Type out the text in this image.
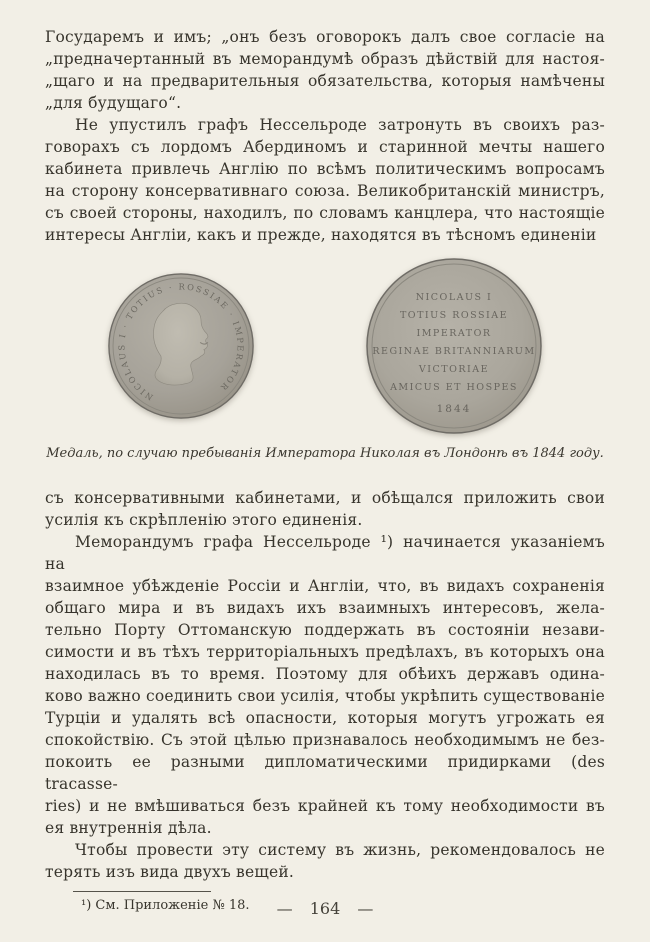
Государемъ и имъ; „онъ безъ оговорокъ далъ свое согласіе на
„предначертанный въ меморандумѣ образъ дѣйствій для настоя-
„щаго и на предварительныя обязательства, которыя намѣчены
„для будущаго“.
Не упустилъ графъ Нессельроде затронуть въ своихъ раз-
говорахъ съ лордомъ Абердиномъ и старинной мечты нашего
кабинета привлечь Англію по всѣмъ политическимъ вопросамъ
на сторону консервативнаго союза. Великобританскій министръ,
съ своей стороны, находилъ, по словамъ канцлера, что настоящіе
интересы Англіи, какъ и прежде, находятся въ тѣсномъ единеніи
NICOLAUS I · TOTIUS · ROSSIAE · IMPERATOR
NICOLAUS I
TOTIUS ROSSIAE
IMPERATOR
REGINAE BRITANNIARUM
VICTORIAE
AMICUS ET HOSPES
1844
Медаль, по случаю пребыванія Императора Николая въ Лондонѣ въ 1844 году.
съ консервативными кабинетами, и обѣщался приложить свои
усилія къ скрѣпленію этого единенія.
Меморандумъ графа Нессельроде ¹) начинается указаніемъ на
взаимное убѣжденіе Россіи и Англіи, что, въ видахъ сохраненія
общаго мира и въ видахъ ихъ взаимныхъ интересовъ, жела-
тельно Порту Оттоманскую поддержать въ состояніи незави-
симости и въ тѣхъ территоріальныхъ предѣлахъ, въ которыхъ она
находилась въ то время. Поэтому для обѣихъ державъ одина-
ково важно соединить свои усилія, чтобы укрѣпить существованіе
Турціи и удалять всѣ опасности, которыя могутъ угрожать ея
спокойствію. Съ этой цѣлью признавалось необходимымъ не без-
покоить ее разными дипломатическими придирками (des tracasse-
ries) и не вмѣшиваться безъ крайней къ тому необходимости въ
ея внутреннія дѣла.
Чтобы провести эту систему въ жизнь, рекомендовалось не
терять изъ вида двухъ вещей.
¹) См. Приложеніе № 18.	— 164 —
